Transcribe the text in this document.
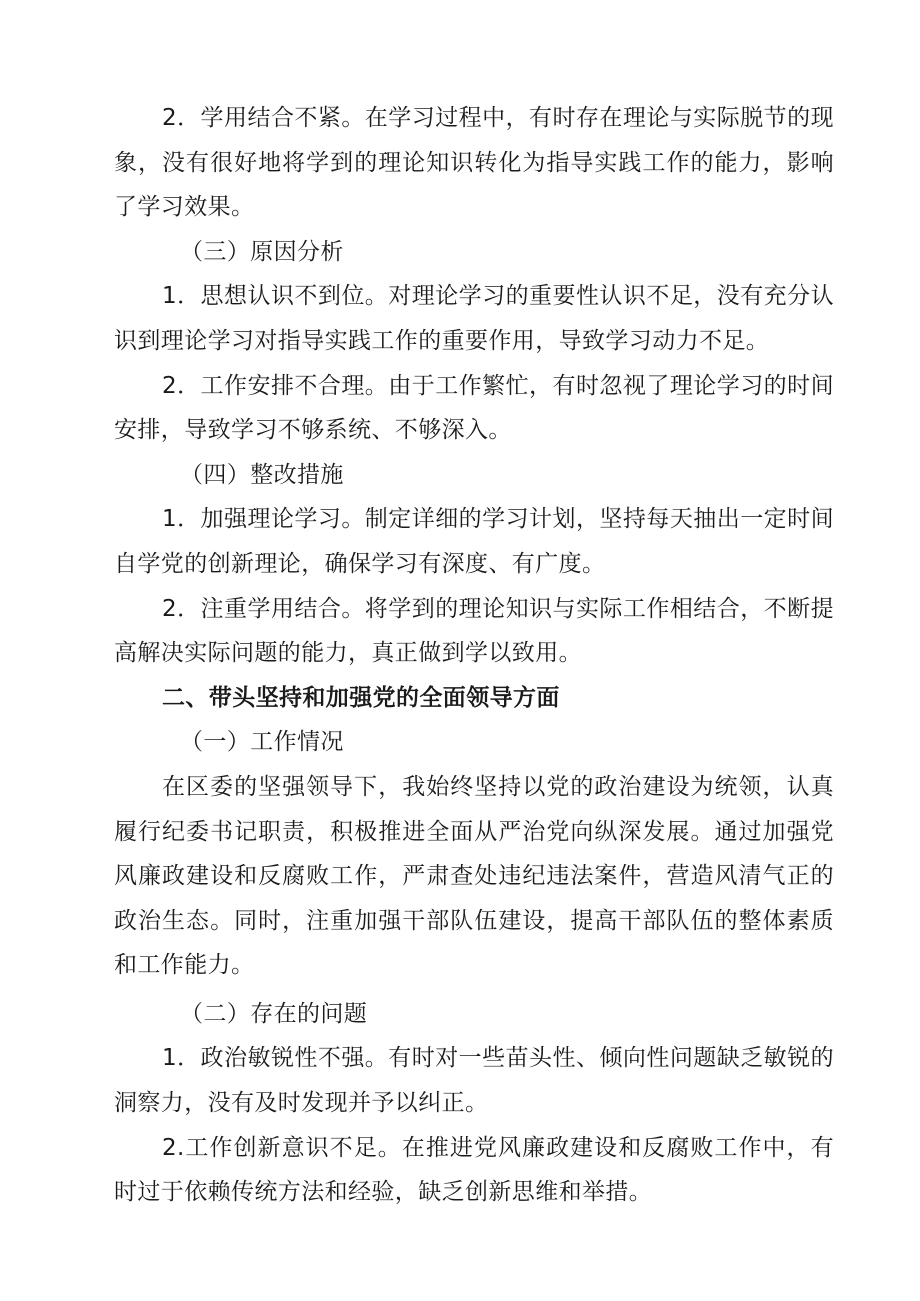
2．学用结合不紧。在学习过程中，有时存在理论与实际脱节的现象，没有很好地将学到的理论知识转化为指导实践工作的能力，影响了学习效果。

（三）原因分析

1．思想认识不到位。对理论学习的重要性认识不足，没有充分认识到理论学习对指导实践工作的重要作用，导致学习动力不足。

2．工作安排不合理。由于工作繁忙，有时忽视了理论学习的时间安排，导致学习不够系统、不够深入。

（四）整改措施

1．加强理论学习。制定详细的学习计划，坚持每天抽出一定时间自学党的创新理论，确保学习有深度、有广度。

2．注重学用结合。将学到的理论知识与实际工作相结合，不断提高解决实际问题的能力，真正做到学以致用。

二、带头坚持和加强党的全面领导方面

（一）工作情况

在区委的坚强领导下，我始终坚持以党的政治建设为统领，认真履行纪委书记职责，积极推进全面从严治党向纵深发展。通过加强党风廉政建设和反腐败工作，严肃查处违纪违法案件，营造风清气正的政治生态。同时，注重加强干部队伍建设，提高干部队伍的整体素质和工作能力。

（二）存在的问题

1．政治敏锐性不强。有时对一些苗头性、倾向性问题缺乏敏锐的洞察力，没有及时发现并予以纠正。

2.工作创新意识不足。在推进党风廉政建设和反腐败工作中，有时过于依赖传统方法和经验，缺乏创新思维和举措。
